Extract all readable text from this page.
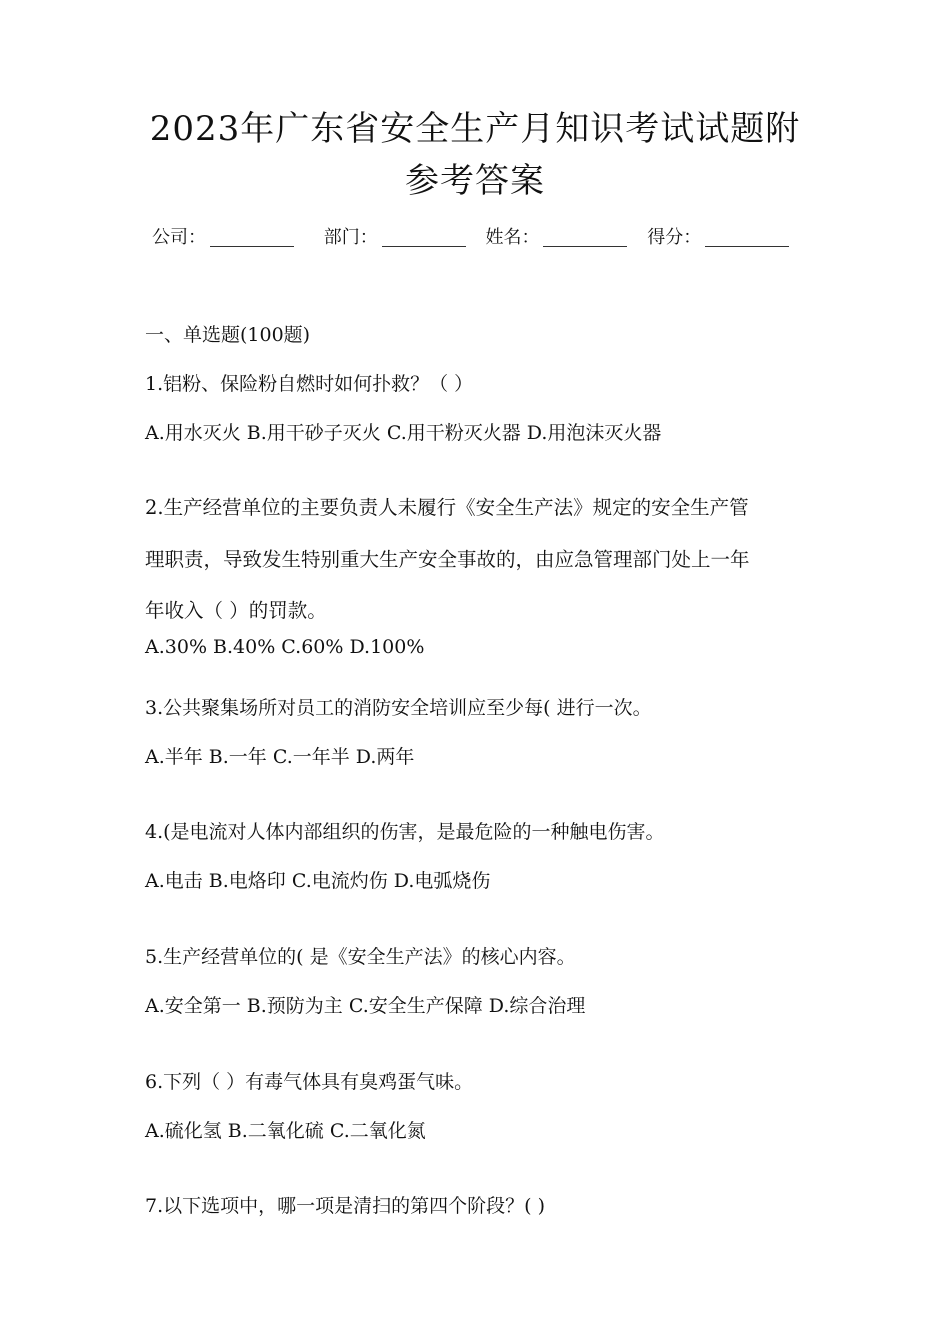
2023年广东省安全生产月知识考试试题附
参考答案
公司：	部门：	姓名：	得分：
一、单选题(100题)
1.铝粉、保险粉自燃时如何扑救？（ ）
A.用水灭火 B.用干砂子灭火 C.用干粉灭火器 D.用泡沫灭火器
2.生产经营单位的主要负责人未履行《安全生产法》规定的安全生产管
理职责，导致发生特别重大生产安全事故的，由应急管理部门处上一年
年收入（ ）的罚款。
A.30% B.40% C.60% D.100%
3.公共聚集场所对员工的消防安全培训应至少每( 进行一次。
A.半年 B.一年 C.一年半 D.两年
4.(是电流对人体内部组织的伤害，是最危险的一种触电伤害。
A.电击 B.电烙印 C.电流灼伤 D.电弧烧伤
5.生产经营单位的( 是《安全生产法》的核心内容。
A.安全第一 B.预防为主 C.安全生产保障 D.综合治理
6.下列（ ）有毒气体具有臭鸡蛋气味。
A.硫化氢 B.二氧化硫 C.二氧化氮
7.以下选项中，哪一项是清扫的第四个阶段？( )
